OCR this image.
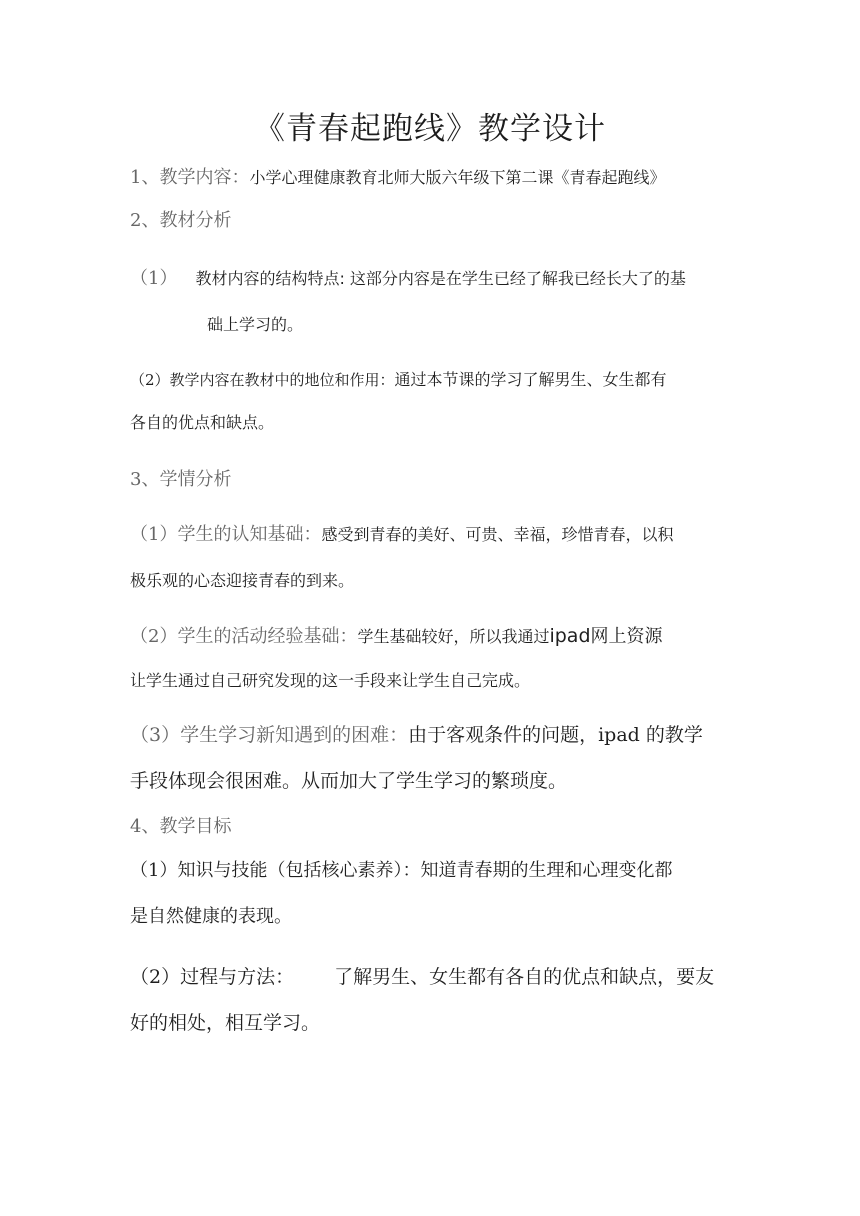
《青春起跑线》教学设计
1、教学内容：小学心理健康教育北师大版六年级下第二课《青春起跑线》
2、教材分析
（1） 教材内容的结构特点: 这部分内容是在学生已经了解我已经长大了的基
础上学习的。
（2）教学内容在教材中的地位和作用：通过本节课的学习了解男生、女生都有
各自的优点和缺点。
3、学情分析
（1）学生的认知基础：感受到青春的美好、可贵、幸福，珍惜青春，以积
极乐观的心态迎接青春的到来。
（2）学生的活动经验基础：学生基础较好，所以我通过ipad网上资源
让学生通过自己研究发现的这一手段来让学生自己完成。
（3）学生学习新知遇到的困难：由于客观条件的问题，ipad 的教学
手段体现会很困难。从而加大了学生学习的繁琐度。
4、教学目标
（1）知识与技能（包括核心素养）：知道青春期的生理和心理变化都
是自然健康的表现。
（2）过程与方法： 了解男生、女生都有各自的优点和缺点，要友
好的相处，相互学习。
